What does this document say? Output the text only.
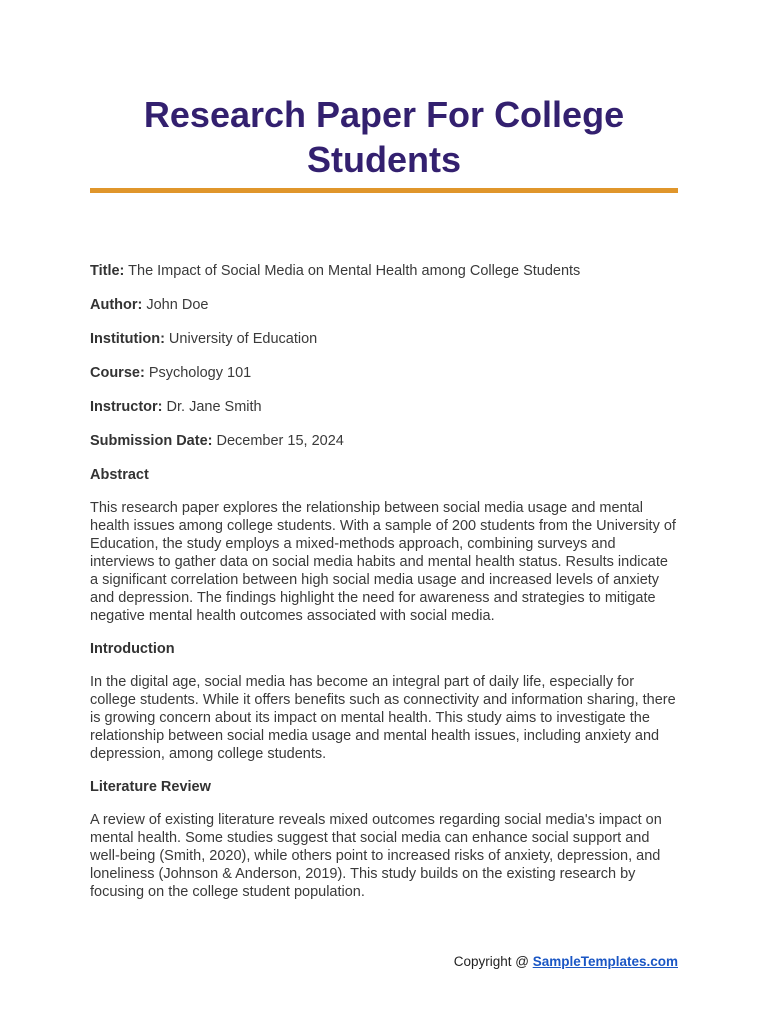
Research Paper For College Students

Title: The Impact of Social Media on Mental Health among College Students

Author: John Doe

Institution: University of Education

Course: Psychology 101

Instructor: Dr. Jane Smith

Submission Date: December 15, 2024

Abstract

This research paper explores the relationship between social media usage and mental health issues among college students. With a sample of 200 students from the University of Education, the study employs a mixed-methods approach, combining surveys and interviews to gather data on social media habits and mental health status. Results indicate a significant correlation between high social media usage and increased levels of anxiety and depression. The findings highlight the need for awareness and strategies to mitigate negative mental health outcomes associated with social media.

Introduction

In the digital age, social media has become an integral part of daily life, especially for college students. While it offers benefits such as connectivity and information sharing, there is growing concern about its impact on mental health. This study aims to investigate the relationship between social media usage and mental health issues, including anxiety and depression, among college students.

Literature Review

A review of existing literature reveals mixed outcomes regarding social media's impact on mental health. Some studies suggest that social media can enhance social support and well-being (Smith, 2020), while others point to increased risks of anxiety, depression, and loneliness (Johnson & Anderson, 2019). This study builds on the existing research by focusing on the college student population.

Copyright @ SampleTemplates.com
